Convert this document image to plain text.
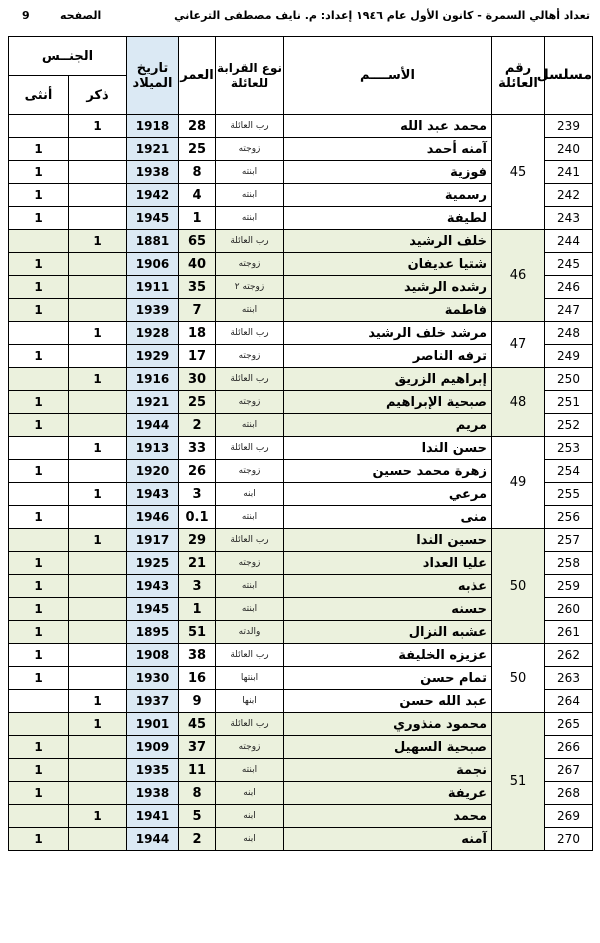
تعداد أهالي السمرة - كانون الأول عام ١٩٤٦ إعداد: م. نايف مصطفى الترعاني
الصفحه
9
مسلسل	رقم العائلة	الأســــم	نوع القرابة للعائلة	العمر	تاريخ الميلاد	الجنــس	
						ذكر	أنثى
239	45	محمد عبد الله	رب العائلة	28	1918	1	
240		آمنه أحمد	زوجته	25	1921		1
241		فوزية	ابنته	8	1938		1
242		رسمية	ابنته	4	1942		1
243		لطيفة	ابنته	1	1945		1
244	46	خلف الرشيد	رب العائلة	65	1881	1	
245		شتيا عديفان	زوجته	40	1906		1
246		رشده الرشيد	زوجته ٢	35	1911		1
247		فاطمة	ابنته	7	1939		1
248	47	مرشد خلف الرشيد	رب العائلة	18	1928	1	
249		ترفه الناصر	زوجته	17	1929		1
250	48	إبراهيم الزريق	رب العائلة	30	1916	1	
251		صبحية الإبراهيم	زوجته	25	1921		1
252		مريم	ابنته	2	1944		1
253	49	حسن الندا	رب العائلة	33	1913	1	
254		زهرة محمد حسين	زوجته	26	1920		1
255		مرعي	ابنه	3	1943	1	
256		منى	ابنته	0.1	1946		1
257	50	حسين الندا	رب العائلة	29	1917	1	
258		عليا العداد	زوجته	21	1925		1
259		عذبه	ابنته	3	1943		1
260		حسنه	ابنته	1	1945		1
261		عشبه النزال	والدته	51	1895		1
262	50	عزيزه الخليفة	رب العائلة	38	1908		1
263		تمام حسن	ابنتها	16	1930		1
264		عبد الله حسن	ابنها	9	1937	1	
265	51	محمود منذوري	رب العائلة	45	1901	1	
266		صبحية السهيل	زوجته	37	1909		1
267		نجمة	ابنته	11	1935		1
268		عريفة	ابنه	8	1938		1
269		محمد	ابنه	5	1941	1	
270		آمنه	ابنه	2	1944		1
